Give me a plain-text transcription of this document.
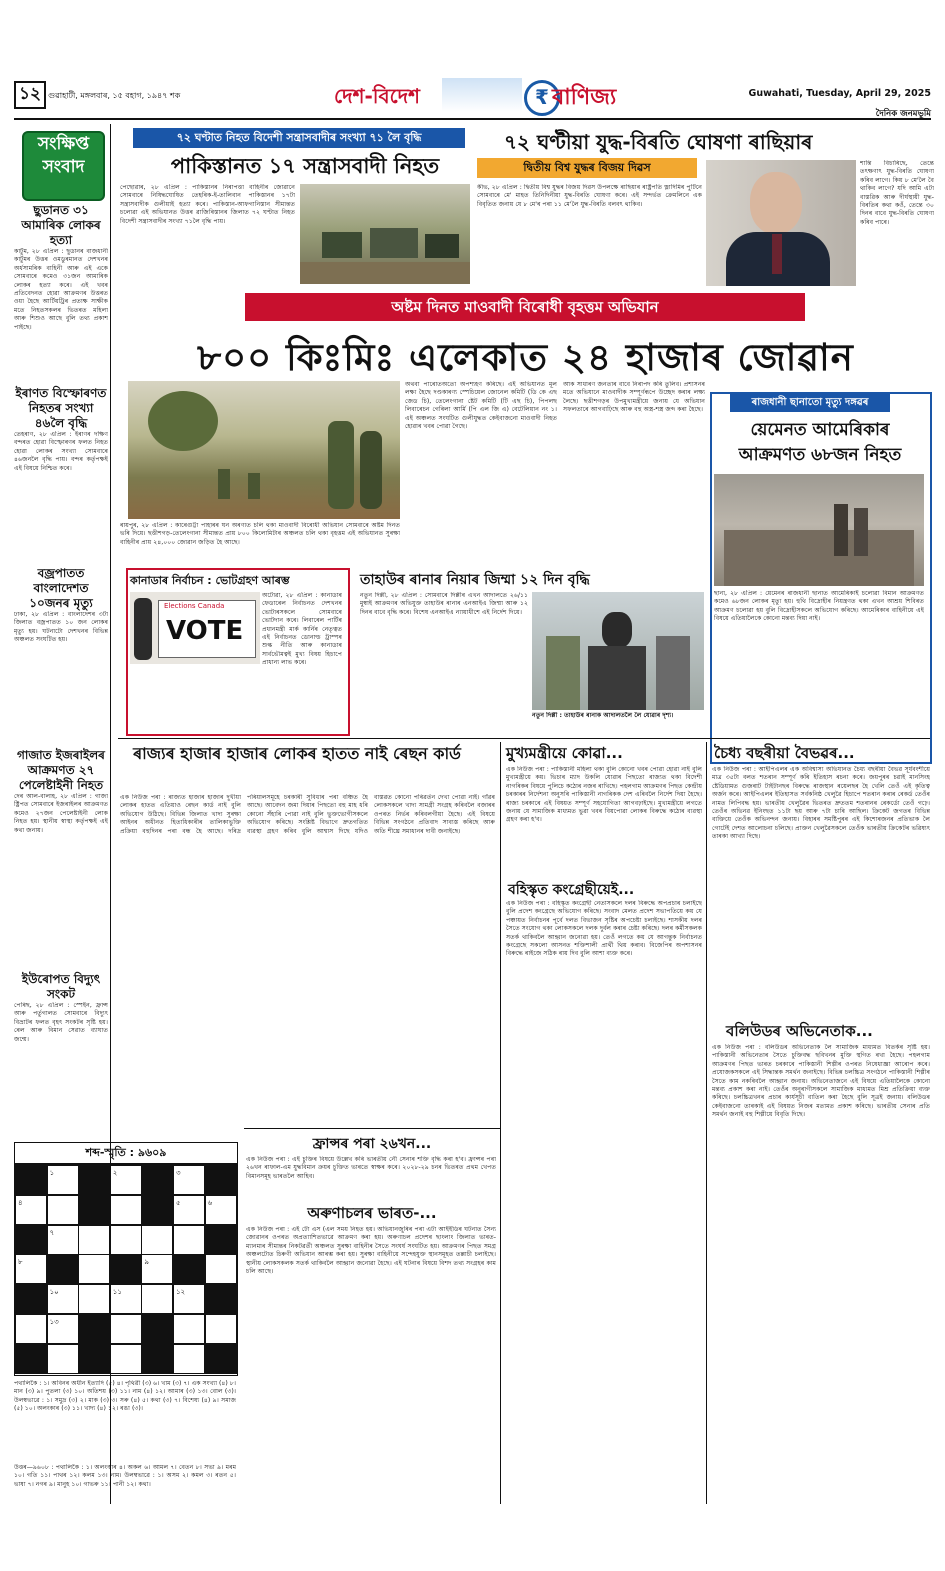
১২ গুৱাহাটী, মঙ্গলবাৰ, ১৫ বহাগ, ১৯৪৭ শক	দেশ-বিদেশ	₹ বাণিজ্য	Guwahati, Tuesday, April 29, 2025
দৈনিক জনমভূমি
সংক্ষিপ্ত
সংবাদ
ছুডানত ৩১ আমাৰিক লোকৰ হত্যা
কাৰ্টুম, ২৮ এপ্ৰিল : ছুডানৰ বাজধানী কাৰ্টুমৰ উত্তৰ ওমডুৰমানত দেশখনৰ অৰ্ধসামৰিক বাহিনী আৰু এই একে সোমবাৰে কমেও ৩১জন আমাৰিক লোকৰ হত্যা কৰে। এই খবৰ প্ৰতিবেদনত হোৱা আক্ৰমণৰ উত্তৰত ওয়া হৈছে আৰ্টিয়ট্ৰিৰ প্ৰত্যক্ষ সাক্ষীক মতে নিহতসকলৰ ভিতৰত মহিলা আৰু শিশুও আছে বুলি তথ্য প্ৰকাশ পাইছে।
ইৰাণত বিস্ফোৰণত নিহতৰ সংখ্যা ৪৬লৈ বৃদ্ধি
তেহৰাণ, ২৮ এপ্ৰিল : ইৰাণৰ দক্ষিণ বন্দৰত হোৱা বিস্ফোৰণৰ ফলত নিহত হোৱা লোকৰ সংখ্যা সোমবাৰে ৪৬জনলৈ বৃদ্ধি পায়। বন্দৰ কৰ্তৃপক্ষই এই বিষয়ে নিশ্চিত কৰে।
বজ্ৰপাতত বাংলাদেশত ১০জনৰ মৃত্যু
ঢাকা, ২৮ এপ্ৰিল : বাংলাদেশৰ ৩টা জিলাত বজ্ৰপাতত ১০ জন লোকৰ মৃত্যু হয়। ঘটনাটো দেশখনৰ বিভিন্ন অঞ্চলত সংঘটিত হয়।
গাজাত ইজৰাইলৰ আক্ৰমণত ২৭ পেলেষ্টাইনী নিহত
দেৰ আল-বালাহ, ২৮ এপ্ৰিল : গাজা ষ্ট্ৰিপত সোমবাৰে ইজৰাইলৰ আক্ৰমণত কমেও ২৭জন পেলেষ্টাইনী লোক নিহত হয়। স্থানীয় স্বাস্থ্য কৰ্তৃপক্ষই এই কথা জনায়।
ইউৰোপত বিদ্যুৎ সংকট
পেৰিছ, ২৮ এপ্ৰিল : স্পেইন, ফ্ৰান্স আৰু পৰ্তুগালত সোমবাৰে বিদ্যুৎ বিভ্ৰাটৰ ফলত বৃহৎ সংকটৰ সৃষ্টি হয়। ৰেল আৰু বিমান সেৱাত ব্যাঘাত জন্মে।
৭২ ঘণ্টাত নিহত বিদেশী সন্ত্ৰাসবাদীৰ সংখ্যা ৭১ লৈ বৃদ্ধি
পাকিস্তানত ১৭ সন্ত্ৰাসবাদী নিহত
পেছোৱাৰ, ২৮ এপ্ৰিল : পাকিস্তানৰ নিৰাপত্তা বাহিনীৰ জোৱানে সোমবাৰে নিষিদ্ধঘোষিত তেহৰিক-ই-তালিবান পাকিস্তানৰ ১৭টা সন্ত্ৰাসবাদীক গুলীয়াই হত্যা কৰে। পাকিস্তান-আফগানিস্তান সীমান্তত চলোৱা এই অভিযানত উত্তৰ ৱাজিৰিস্তানৰ জিলাত ৭২ ঘণ্টাত নিহত বিদেশী সন্ত্ৰাসবাদীৰ সংখ্যা ৭১লৈ বৃদ্ধি পায়।
৭২ ঘণ্টীয়া যুদ্ধ-বিৰতি ঘোষণা ৰাছিয়াৰ
দ্বিতীয় বিশ্ব যুদ্ধৰ বিজয় দিৱস
কীভ, ২৮ এপ্ৰিল : দ্বিতীয় বিশ্ব যুদ্ধৰ বিজয় দিৱস উপলক্ষে ৰাছিয়াৰ ৰাষ্ট্ৰপতি ভ্লাদিমিৰ পুটিনে সোমবাৰে মে' মাহত তিনিদিনীয়া যুদ্ধ-বিৰতি ঘোষণা কৰে। এই সন্দৰ্ভত ক্ৰেমলিনে এক বিবৃতিত জনায় যে ৮ মে'ৰ পৰা ১১ মে'লৈ যুদ্ধ-বিৰতি বলবৎ থাকিব।
শান্তি বিচাৰিছে, তেন্তে তৎক্ষণাৎ যুদ্ধ-বিৰতি ঘোষণা কৰিব লাগে। কিয় ৮ মে'লৈ বৈ থাকিব লাগে? যদি আমি এটা বাস্তৱিক আৰু দীৰ্ঘস্থায়ী যুদ্ধ-বিৰতিৰ কথা কওঁ, তেন্তে ৩০ দিনৰ বাবে যুদ্ধ-বিৰতি ঘোষণা কৰিব পাৰে।
অষ্টম দিনত মাওবাদী বিৰোধী বৃহত্তম অভিযান
৮০০ কিঃমিঃ এলেকাত ২৪ হাজাৰ জোৱান
ৰায়পুৰ, ২৮ এপ্ৰিল : কাৰেগুট্টা পাহাৰৰ ঘন অৰণ্যত চলি থকা মাওবাদী বিৰোধী অভিযান সোমবাৰে অষ্টম দিনত ভৰি দিয়ে। ছত্তীশগড়-তেলেংগানা সীমান্তত প্ৰায় ৮০০ কিলোমিটাৰ অঞ্চলত চলি থকা বৃহত্তম এই অভিযানত সুৰক্ষা বাহিনীৰ প্ৰায় ২৪,০০০ জোৱান জড়িত হৈ আছে।
অথবা পাৰোতঅতো অপশ্যহণ কৰিছে। এই অভিযানত মূল লক্ষ্য হৈছে দণ্ডকাৰণ্য স্পেচিয়েল জোনেল কমিটি (ডি কে এছ জেড চি), তেলেংগানা ষ্টেট কমিটি (টি এছ চি), পিপলছ লিবাৰেচন গেৰিলা আৰ্মি (পি এল জি এ) বেটেলিয়ান নং ১। এই অঞ্চলত সংঘটিত গুলীযুদ্ধত কেইবাজনো মাওবাদী নিহত হোৱাৰ খবৰ পোৱা গৈছে।
আক সাধাৰণ জনতাৰ বাবে নিৰাপদ কৰি তুলিব। প্ৰশাসনৰ মতে অভিযানে মাওবাদীক সম্পূৰ্ণৰূপে উচ্ছেদ কৰাৰ লক্ষ্য লৈছে। ছত্তীশগড়ৰ উপমুখ্যমন্ত্ৰীয়ে জনায় যে অভিযান সফলতাৰে আগবাঢ়িছে আৰু বহু অস্ত্ৰ-শস্ত্ৰ জব্দ কৰা হৈছে।
ৰাজধানী ছানাতো মৃত্যু দঙ্গৱৰ
য়েমেনত আমেৰিকাৰ আক্ৰমণত ৬৮জন নিহত
ছানা, ২৮ এপ্ৰিল : য়েমেনৰ ৰাজধানী ছানাত আমেৰিকাই চলোৱা বিমান আক্ৰমণত কমেও ৬৮জন লোকৰ মৃত্যু হয়। হুথি বিদ্ৰোহীৰ নিয়ন্ত্ৰণত থকা এখন আশ্ৰয় শিবিৰত আক্ৰমণ চলোৱা হয় বুলি বিদ্ৰোহীসকলে অভিযোগ কৰিছে। আমেৰিকাৰ বাহিনীয়ে এই বিষয়ে এতিয়ালৈকে কোনো মন্তব্য দিয়া নাই।
কানাডাৰ নিৰ্বাচন : ভোটগ্ৰহণ আৰম্ভ
Elections Canada
VOTE
অটোৱা, ২৮ এপ্ৰিল : কানাডাৰ ফেডাৰেল নিৰ্বাচনত দেশখনৰ ভোটাৰসকলে সোমবাৰে ভোটদান কৰে। লিবাৰেল পাৰ্টিৰ প্ৰধানমন্ত্ৰী মাৰ্ক কাৰ্নিৰ নেতৃত্বত এই নিৰ্বাচনত ডোনাল্ড ট্ৰাম্পৰ শুল্ক নীতি আৰু কানাডাৰ সাৰ্বভৌমত্বই মুখ্য বিষয় হিচাপে প্ৰাধান্য লাভ কৰে।
তাহাউৰ ৰানাৰ নিয়াৰ জিম্মা ১২ দিন বৃদ্ধি
নতুন দিল্লী, ২৮ এপ্ৰিল : সোমবাৰে দিল্লীৰ এখন আদালতে ২৬/১১ মুম্বাই আক্ৰমণৰ অভিযুক্ত তাহাউৰ ৰানাৰ এনআইএ জিম্মা আৰু ১২ দিনৰ বাবে বৃদ্ধি কৰে। বিশেষ এনআইএ ন্যায়াধীশে এই নিৰ্দেশ দিয়ে।
নতুন দিল্লী : তাহাউৰ ৰানাক আদালতলৈ লৈ যোৱাৰ দৃশ্য।
ৰাজ্যৰ হাজাৰ হাজাৰ লোকৰ হাতত নাই ৰেছন কাৰ্ড
এক নিউজ পৰা : ৰাজ্যত হাজাৰ হাজাৰ দুখীয়া লোকৰ হাতত এতিয়াও ৰেছন কাৰ্ড নাই বুলি অভিযোগ উঠিছে। বিভিন্ন জিলাত খাদ্য সুৰক্ষা আইনৰ অধীনত হিতাধিকাৰীৰ তালিকাভুক্তি প্ৰক্ৰিয়া বহুদিনৰ পৰা বন্ধ হৈ আছে। দৰিদ্ৰ পৰিয়ালসমূহে চৰকাৰী সুবিধাৰ পৰা বঞ্চিত হৈ আছে। আবেদন জমা দিয়াৰ পিছতো বহু মাহ ধৰি কোনো সঁহাৰি পোৱা নাই বুলি ভুক্তভোগীসকলে অভিযোগ কৰিছে। সংশ্লিষ্ট বিভাগে দ্ৰুতগতিত ব্যৱস্থা গ্ৰহণ কৰিব বুলি আশ্বাস দিছে যদিও বাস্তৱত কোনো পৰিৱৰ্তন দেখা পোৱা নাই। গাঁৱৰ লোকসকলে খাদ্য সামগ্ৰী সংগ্ৰহ কৰিবলৈ বজাৰৰ ওপৰত নিৰ্ভৰ কৰিবলগীয়া হৈছে। এই বিষয়ে বিভিন্ন সংগঠনে প্ৰতিবাদ সাব্যস্ত কৰিছে আৰু অতি শীঘ্ৰে সমাধানৰ দাবী জনাইছে।
মুখ্যমন্ত্ৰীয়ে কোৱা...
এক নিউজ পৰা : পাকিস্তানী মহিলা থকা বুলি কোনো খবৰ পোৱা হোৱা নাই বুলি মুখ্যমন্ত্ৰীয়ে কয়। ভিচাৰ ম্যাদ উকলি যোৱাৰ পিছতো ৰাজ্যত থকা বিদেশী নাগৰিকৰ বিষয়ে পুলিচে কঠোৰ নজৰ ৰাখিছে। পহলগাম আক্ৰমণৰ পিছত কেন্দ্ৰীয় চৰকাৰৰ নিৰ্দেশনা অনুসৰি পাকিস্তানী নাগৰিকক দেশ এৰিবলৈ নিৰ্দেশ দিয়া হৈছে। ৰাজ্য চৰকাৰে এই বিষয়ত সম্পূৰ্ণ সহযোগিতা আগবঢ়াইছে। মুখ্যমন্ত্ৰীয়ে লগতে জনায় যে সামাজিক মাধ্যমত ভুৱা খবৰ বিয়পোৱা লোকৰ বিৰুদ্ধে কঠোৰ ব্যৱস্থা গ্ৰহণ কৰা হ'ব।
বহিস্কৃত কংগ্ৰেছীয়েই...
এক নিউজ পৰা : বহিস্কৃত কংগ্ৰেছী নেতাসকলে দলৰ বিৰুদ্ধে অপপ্ৰচাৰ চলাইছে বুলি প্ৰদেশ কংগ্ৰেছে অভিযোগ কৰিছে। সংবাদ মেলত প্ৰদেশ সভাপতিয়ে কয় যে পঞ্চায়ত নিৰ্বাচনৰ পূৰ্বে দলত বিভাজন সৃষ্টিৰ অপচেষ্টা চলাইছে। শাসকীয় দলৰ সৈতে সংযোগ থকা লোকসকলে দলক দুৰ্বল কৰাৰ চেষ্টা কৰিছে। দলৰ কৰ্মীসকলক সতৰ্ক থাকিবলৈ আহ্বান জনোৱা হয়। তেওঁ লগতে কয় যে আগন্তুক নিৰ্বাচনত কংগ্ৰেছে সকলো আসনত শক্তিশালী প্ৰাৰ্থী থিয় কৰাব। বিজেপিৰ অপশাসনৰ বিৰুদ্ধে ৰাইজে সঠিক ৰায় দিব বুলি আশা ব্যক্ত কৰে।
চৈধ্য বছৰীয়া বৈভৱৰ...
এক নিউজ পৰা : আইপিএলৰ এক অবিশ্বাস্য অভিযানত চৈধ্য বছৰীয়া বৈভৱ সূৰ্যবংশীয়ে মাত্ৰ ৩৫টা বলত শতৰান সম্পূৰ্ণ কৰি ইতিহাস ৰচনা কৰে। জয়পুৰৰ চৱাই মানসিংহ ষ্টেডিয়ামত গুজৰাট টাইটানছৰ বিৰুদ্ধে ৰাজস্থান ৰয়েলছৰ হৈ খেলি তেওঁ এই কৃতিত্ব অৰ্জন কৰে। আইপিএলৰ ইতিহাসত সৰ্বকনিষ্ঠ খেলুৱৈ হিচাপে শতৰান কৰাৰ ৰেকৰ্ড তেওঁৰ নামত লিপিবদ্ধ হয়। ভাৰতীয় খেলুৱৈৰ ভিতৰত দ্ৰুততম শতৰানৰ ৰেকৰ্ডো তেওঁ গঢ়ে। তেওঁৰ অভিনৱ ইনিংছত ১১টা ছয় আৰু ৭টা চাৰি আছিল। ক্ৰিকেট জগতৰ বিভিন্ন ব্যক্তিয়ে তেওঁক অভিনন্দন জনায়। বিহাৰৰ সমষ্টিপুৰৰ এই কিশোৰজনৰ প্ৰতিভাক লৈ গোটেই দেশত আলোচনা চলিছে। প্ৰাক্তন খেলুৱৈসকলে তেওঁক ভাৰতীয় ক্ৰিকেটৰ ভৱিষ্যৎ তাৰকা আখ্যা দিছে।
বলিউডৰ অভিনেতাক...
এক নিউজ পৰা : বলিউডৰ অভিনেতাক লৈ সামাজিক মাধ্যমত বিতৰ্কৰ সৃষ্টি হয়। পাকিস্তানী অভিনেতাৰ সৈতে চুক্তিবদ্ধ ছবিখনৰ মুক্তি স্থগিত ৰখা হৈছে। পহলগাম আক্ৰমণৰ পিছত ভাৰত চৰকাৰে পাকিস্তানী শিল্পীৰ ওপৰত নিষেধাজ্ঞা আৰোপ কৰে। প্ৰযোজকসকলে এই সিদ্ধান্তক সমৰ্থন জনাইছে। বিভিন্ন চলচ্চিত্ৰ সংগঠনে পাকিস্তানী শিল্পীৰ সৈতে কাম নকৰিবলৈ আহ্বান জনায়। অভিনেতাজনে এই বিষয়ে এতিয়ালৈকে কোনো মন্তব্য প্ৰকাশ কৰা নাই। তেওঁৰ অনুৰাগীসকলে সামাজিক মাধ্যমত মিশ্ৰ প্ৰতিক্ৰিয়া ব্যক্ত কৰিছে। চলচ্চিত্ৰখনৰ প্ৰচাৰ কাৰ্যসূচী বাতিল কৰা হৈছে বুলি সূত্ৰই জনায়। বলিউডৰ কেইবাজনো তাৰকাই এই বিষয়ত নিজৰ মতামত প্ৰকাশ কৰিছে। ভাৰতীয় সেনাৰ প্ৰতি সমৰ্থন জনাই বহু শিল্পীয়ে বিবৃতি দিছে।
ফ্ৰান্সৰ পৰা ২৬খন...
এক নিউজ পৰা : এই চুক্তিৰ বিষয়ে উল্লেখ কৰি ভাৰতীয় নৌ সেনাৰ শক্তি বৃদ্ধি কৰা হ'ব। ফ্ৰান্সৰ পৰা ২৬খন ৰাফাল-এম যুদ্ধবিমান ক্ৰয়ৰ চুক্তিত ভাৰতে স্বাক্ষৰ কৰে। ২০২৮-২৯ চনৰ ভিতৰত প্ৰথম খেপত বিমানসমূহ ভাৰতলৈ আহিব।
অৰুণাচলৰ ভাৰত-...
এক নিউজ পৰা : এই টো এস (এল সময় নিহত হয়। অভিযানজুৰিৰ পৰা এটা আইইডিৰ ঘটনাত সৈন্য জোৱানৰ ওপৰত অপ্ৰত্যাশিতভাৱে আক্ৰমণ কৰা হয়। অৰুণাচল প্ৰদেশৰ ছাংলাং জিলাত ভাৰত-ম্যানমাৰ সীমান্তৰ নিকটৱৰ্তী অঞ্চলত সুৰক্ষা বাহিনীৰ সৈতে সংঘৰ্ষ সংঘটিত হয়। আক্ৰমণৰ পিছত সমগ্ৰ অঞ্চলটোত চিৰুণী অভিযান আৰম্ভ কৰা হয়। সুৰক্ষা বাহিনীয়ে সন্দেহযুক্ত স্থানসমূহত তল্লাচী চলাইছে। স্থানীয় লোকসকলক সতৰ্ক থাকিবলৈ আহ্বান জনোৱা হৈছে। এই ঘটনাৰ বিষয়ে বিশদ তথ্য সংগ্ৰহৰ কাম চলি আছে।
শব্দ-স্মৃতি : ৯৬০৯
১	২	৩
৪	৫	৬
৭
৮	৯
১০	১১	১২
১৩
পথালিকৈ : ১। অবিনৰ অধীন ইত্যাদি (৫) ৪। পৃথিৱী (৩) ৬। খাম (৩) ৭। এক সংখ্যা (৪) ৮। মান (৩) ৯। পুতলা (৩) ১০। অতিশয় (৩) ১১। নাম (৪) ১২। আমাৰ (৩) ১৩। বোল (৩)। উলম্বভাৱে : ১। সমুদ্ৰ (৩) ২। মাক (৩) ৩। সৰু (৪) ৫। কথা (৩) ৭। বিশেষ্য (৪) ৯। সমাজ (৫) ১০। অলংকাৰ (৩) ১১। খাদ্য (৪) ১২। ৰঙা (৩)।
উত্তৰ—৯৬০৮ : পথালিকৈ : ১। অলংকাৰ ৪। অকল ৬। আমল ৭। বেতন ৮। সভা ৯। মৰম ১০। গতি ১১। পাথৰ ১২। কলম ১৩। নাম। উলম্বভাৱে : ১। অসম ২। কমল ৩। ৰতন ৫। ভাষা ৭। নগৰ ৯। মানুহ ১০। গাভৰু ১১। পানী ১২। কথা।
